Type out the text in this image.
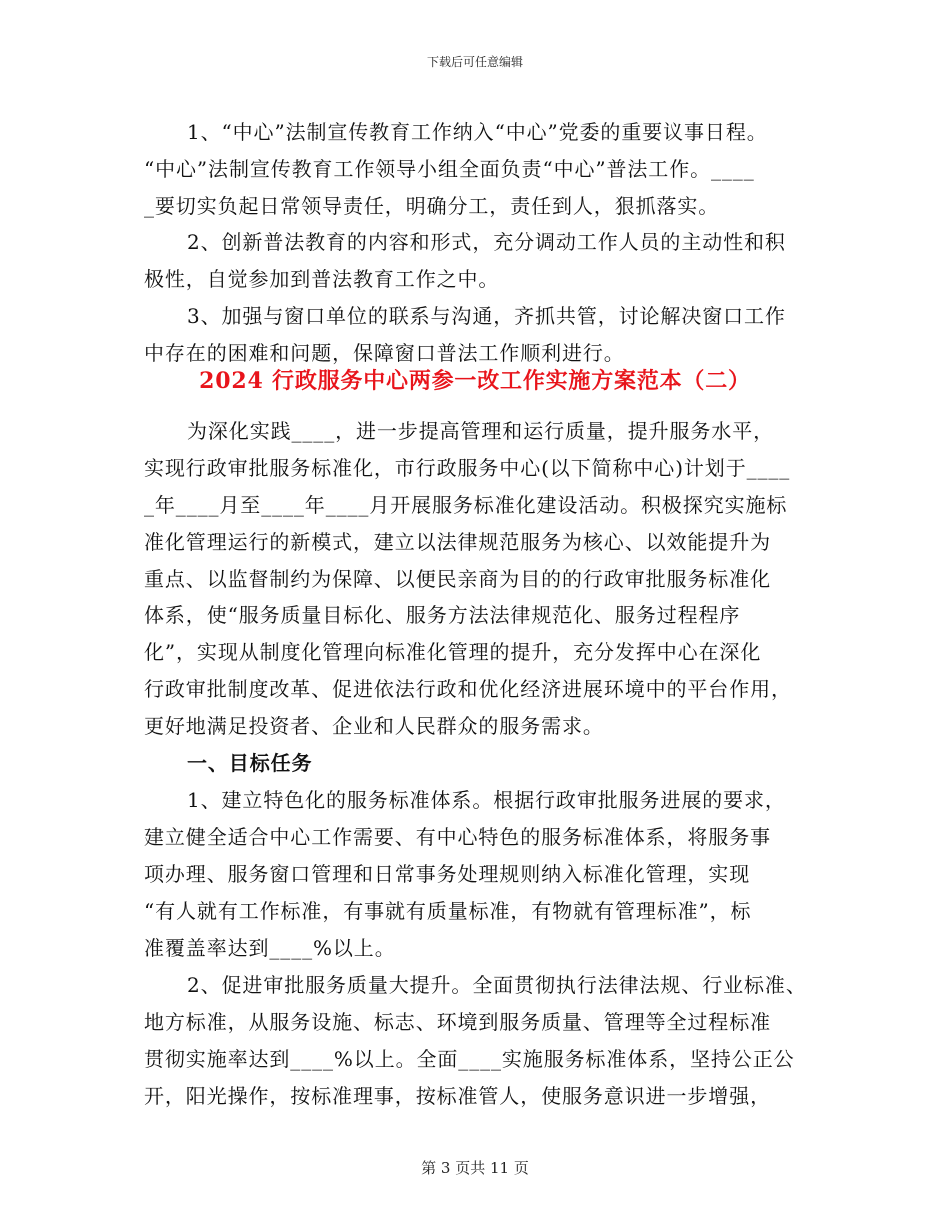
下载后可任意编辑
1、“中心”法制宣传教育工作纳入“中心”党委的重要议事日程。
“中心”法制宣传教育工作领导小组全面负责“中心”普法工作。____
_要切实负起日常领导责任，明确分工，责任到人，狠抓落实。
2、创新普法教育的内容和形式，充分调动工作人员的主动性和积
极性，自觉参加到普法教育工作之中。
3、加强与窗口单位的联系与沟通，齐抓共管，讨论解决窗口工作
中存在的困难和问题，保障窗口普法工作顺利进行。
2024 行政服务中心两参一改工作实施方案范本（二）
为深化实践____，进一步提高管理和运行质量，提升服务水平，
实现行政审批服务标准化，市行政服务中心(以下简称中心)计划于____
_年____月至____年____月开展服务标准化建设活动。积极探究实施标
准化管理运行的新模式，建立以法律规范服务为核心、以效能提升为
重点、以监督制约为保障、以便民亲商为目的的行政审批服务标准化
体系，使“服务质量目标化、服务方法法律规范化、服务过程程序
化”，实现从制度化管理向标准化管理的提升，充分发挥中心在深化
行政审批制度改革、促进依法行政和优化经济进展环境中的平台作用，
更好地满足投资者、企业和人民群众的服务需求。
一、目标任务
1、建立特色化的服务标准体系。根据行政审批服务进展的要求，
建立健全适合中心工作需要、有中心特色的服务标准体系，将服务事
项办理、服务窗口管理和日常事务处理规则纳入标准化管理，实现
“有人就有工作标准，有事就有质量标准，有物就有管理标准”，标
准覆盖率达到____%以上。
2、促进审批服务质量大提升。全面贯彻执行法律法规、行业标准、
地方标准，从服务设施、标志、环境到服务质量、管理等全过程标准
贯彻实施率达到____%以上。全面____实施服务标准体系，坚持公正公
开，阳光操作，按标准理事，按标准管人，使服务意识进一步增强，
第 3 页共 11 页
